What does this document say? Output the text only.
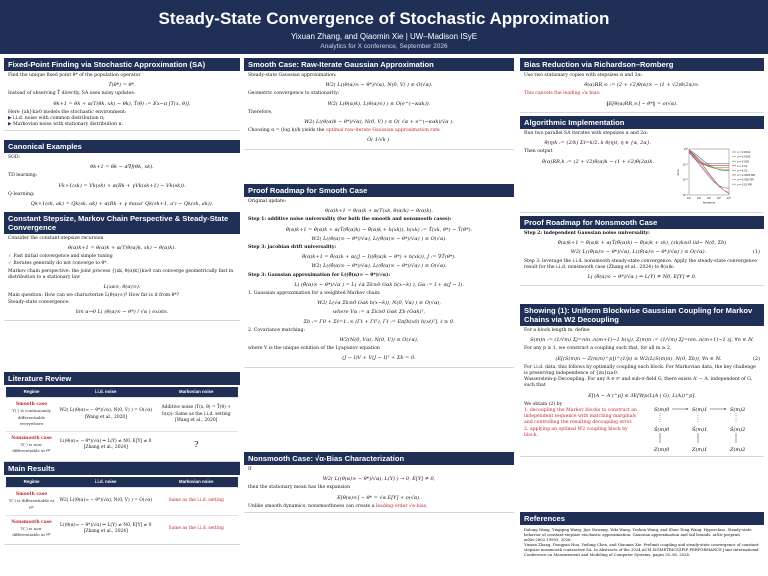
Steady-State Convergence of Stochastic Approximation
Yixuan Zhang, and Qiaomin Xie | UW–Madison ISyE
Analytics for X conference, September 2026
Fixed-Point Finding via Stochastic Approximation (SA)
Find the unique fixed point θ* of the population operator
T̄(θ*) = θ*.
Instead of observing T̄ directly, SA uses noisy updates:
θk+1 = θk + α(T(θk, xk) − θk), T̄(θ) := Ex∼π [T(x, θ)].
Here {xk}k≥0 models the stochastic environment:
▶ i.i.d. noise with common distribution π;
▶ Markovian noise with stationary distribution π.
Canonical Examples
SGD:
θk+1 = θk − α∇f(θk, xk).
TD learning:
Vk+1(sk) = Vk(sk) + α(Rk + γVk(sk+1) − Vk(sk)).
Q-learning:
Qk+1(sk, ak) = Qk(sk, ak) + α(Rk + γ maxa' Qk(sk+1, a') − Qk(sk, ak)).
Constant Stepsize, Markov Chain Perspective & Steady-State Convergence
Consider the constant-stepsize recursion
θ(α)k+1 = θ(α)k + α(T(θ(α)k, xk) − θ(α)k).
✓ Fast initial convergence and simple tuning
✓ Iterates generally do not converge to θ*.
Markov chain perspective: the joint process {(xk, θ(α)k)}k≥0 can converge geometrically fast in distribution to a stationary law
L(xα∞, θ(α)∞).
Main question: How can we characterize L(θ(α)∞)? How far is it from θ*?
Steady-state convergence:
lim α→0 L( (θ(α)∞ − θ*) / √α ) exists.
Literature Review
Regime	i.i.d. noise	Markovian noise
Smooth case
T(·) is continuously differentiable everywhere	W2( L((θ(α)∞ − θ*)/√α), N(0, V) ) = O(√α) [Wang et al., 2020]	Additive noise (T(x, θ) = T̄(θ) + b(x)): Same as the i.i.d. setting [Wang et al., 2020]
Nonsmooth case
T(·) is non-differentiable at θ*	L((θ(α)∞ − θ*)/√α) ⇒ L(Y) ≠ N0, E[Y] ≠ 0 [Zhang et al., 2024]	?
Main Results
Regime	i.i.d. noise	Markovian noise
Smooth case
T(·) is differentiable at θ*	W2( L((θ(α)∞ − θ*)/√α), N(0, V) ) = O(√α)	Same as the i.i.d. setting
Nonsmooth case
T(·) is non-differentiable at θ*	L((θ(α)∞ − θ*)/√α) ⇒ L(Y) ≠ N0, E[Y] ≠ 0 [Zhang et al., 2024]	Same as the i.i.d. setting
Smooth Case: Raw-Iterate Gaussian Approximation
Steady-state Gaussian approximation:
W2( L((θ(α)∞ − θ*)/√α), N(0, V) ) ≤ O(√α).
Geometric convergence to stationarity:
W2( L(θ(α)k), L(θ(α)∞) ) ≤ O(e^(−καk)).
Therefore,
W2( L((θ(α)k − θ*)/√α), N(0, V) ) ≤ O( √α + e^(−καk)/√α ).
Choosing α = (log k)/k yields the optimal raw-iterate Gaussian approximation rate
Õ( 1/√k ).
Proof Roadmap for Smooth Case
Original update:
θ(α)k+1 = θ(α)k + α(T(xk, θ(α)k) − θ(α)k).
Step 1: additive noise universality (for both the smooth and nonsmooth cases):
θ̂(α)k+1 = θ̂(α)k + α(T̄(θ̂(α)k) − θ̂(α)k + b(xk)), b(xk) := T̄(xk, θ*) − T̄(θ*).
W2( L((θ(α)∞ − θ*)/√α), L((θ̂(α)∞ − θ*)/√α) ) ≤ O(√α).
Step 3: jacobian drift universality:
θ̃(α)k+1 = θ̃(α)k + α((J − I)(θ̃(α)k − θ*) + b(xk)), J := ∇T̄(θ*).
W2( L((θ̃(α)∞ − θ*)/√α), L((θ̂(α)∞ − θ*)/√α) ) ≤ O(√α).
Step 3: Gaussian approximation for L((θ̃(α)∞ − θ*)/√α):
L( (θ̃(α)∞ − θ*)/√α ) = L( √α Σk≥0 Gαk b(x−k) ), Gα := I + α(J − I).
1. Gaussian approximation for a weighted Markov chain:
W2( L(√α Σk≥0 Gαk b(x−k)), N(0, Vα) ) ≤ O(√α),
where Vα := α Σk≥0 Gαk Σb (Gαk)ᵀ,
Σb := Γ0 + Σℓ=1..∞ (Γℓ + Γℓᵀ), Γℓ := Eπ[b(x0) b(xℓ)ᵀ], ℓ ≥ 0.
2. Covariance matching:
W2(N(0, Vα), N(0, V)) ≤ O(√α),
where V is the unique solution of the Lyapunov equation
(J − I)V + V(J − I)ᵀ + Σb = 0.
Nonsmooth Case: √α-Bias Characterization
If
W2( L((θ(α)∞ − θ*)/√α), L(Y) ) → 0, E[Y] ≠ 0,
then the stationary mean has the expansion
E[θ(α)∞] − θ* = √α E[Y] + o(√α).
Unlike smooth dynamics, nonsmoothness can create a leading-order √α-bias.
Bias Reduction via Richardson–Romberg
Use two stationary copies with stepsizes α and 2α:
θ̄(α)RR,∞ := (2 + √2)θ(α)∞ − (1 + √2)θ(2α)∞.
This cancels the leading √α bias:
‖E[θ(α)RR,∞] − θ*‖ = o(√α).
Algorithmic Implementation
Run two parallel SA iterates with stepsizes α and 2α:
θ̄(η)k := (2/k) Σℓ=k/2..k θ(η)ℓ, η ∈ {α, 2α}.
Then output
θ̄(α)RR,k := (2 + √2)θ̄(α)k − (1 + √2)θ̄(2α)k.
α = 0.0012
α = 0.0025
α = 0.005
α = 0.01
α = 0.02
α = 0.0025 RR
α = 0.005 RR
α = 0.01 RR
10¹ 10² 10³ 10⁴ 10⁵
10⁰
10⁻¹
10⁻²
10⁻³
Iterations
Error
Proof Roadmap for Nonsmooth Case
Step 2: independent Gaussian noise universality:
θ̌(α)k+1 = θ̌(α)k + α(T̄(θ̌(α)k) − θ̌(α)k + zk), (zk)k≥0 iid∼ N(0, Σb)
W2( L((θ̂(α)∞ − θ*)/√α), L((θ̌(α)∞ − θ*)/√α) ) ≤ O(√α).	(1)
Step 3: leverage the i.i.d. nonsmooth steady-state convergence. Apply the steady-state convergence result for the i.i.d. nonsmooth case (Zhang et al., 2024) to θ̌(α)k:
L( (θ̌(α)∞ − θ*)/√α ) ⇒ L(Y) ≠ N0, E[Y] ≠ 0.
Showing (1): Uniform Blockwise Gaussian Coupling for Markov Chains via W2 Decoupling
For a block length m, define
S(m)n := (1/√m) Σj=nm..n(m+1)−1 b(xj), Z(m)n := (1/√m) Σj=nm..n(m+1)−1 zj, ∀n ∈ ℕ.
For any p ≥ 1, we construct a coupling such that, for all m ≥ 2,
(E[(S(m)n − Z(m)n)^p])^(1/p) ≤ W2(L(S(m)n), N(0, Σb)), ∀n ∈ ℕ.	(2)
For i.i.d. data, this follows by optimally coupling each block. For Markovian data, the key challenge is preserving independence of {zn}n≥0.
Wasserstein-p Decoupling. For any A ∈ ℓᵖ and sub-σ-field G, there exists A' ∼ A, independent of G, such that
E[(A − A')^p] ≤ 3E[Wp(L(A | G), L(A))^p].
We obtain (2) by
1. decoupling the Markov blocks to construct an independent sequence with matching marginals and controlling the resulting decoupling error.
2. applying an optimal W2 coupling block by block.
S(m)0	S(m)1	S(m)2
Ŝ(m)0	Ŝ(m)1	Ŝ(m)2
Z(m)0	Z(m)1	Z(m)2
References
Dalong Wang, Yingqing Wang, Jiye Nawang, Yeki Wang, Yeshun Wang, and Shun Tong Wang. Hyperclass. Steady-state behavior of constant-stepsize stochastic approximation: Gaussian approximation and tail bounds. arXiv preprint arXiv:2602.19993, 2026.
Yixuan Zhang, Dongyan Huo, Yudong Chen, and Qiaomin Xie. Prelimit coupling and steady-state convergence of constant-stepsize nonsmooth contractive SA. In Abstracts of the 2024 ACM SIGMETRICS/IFIP PERFORMANCE Joint International Conference on Measurement and Modeling of Computer Systems, pages 35–36, 2024.
